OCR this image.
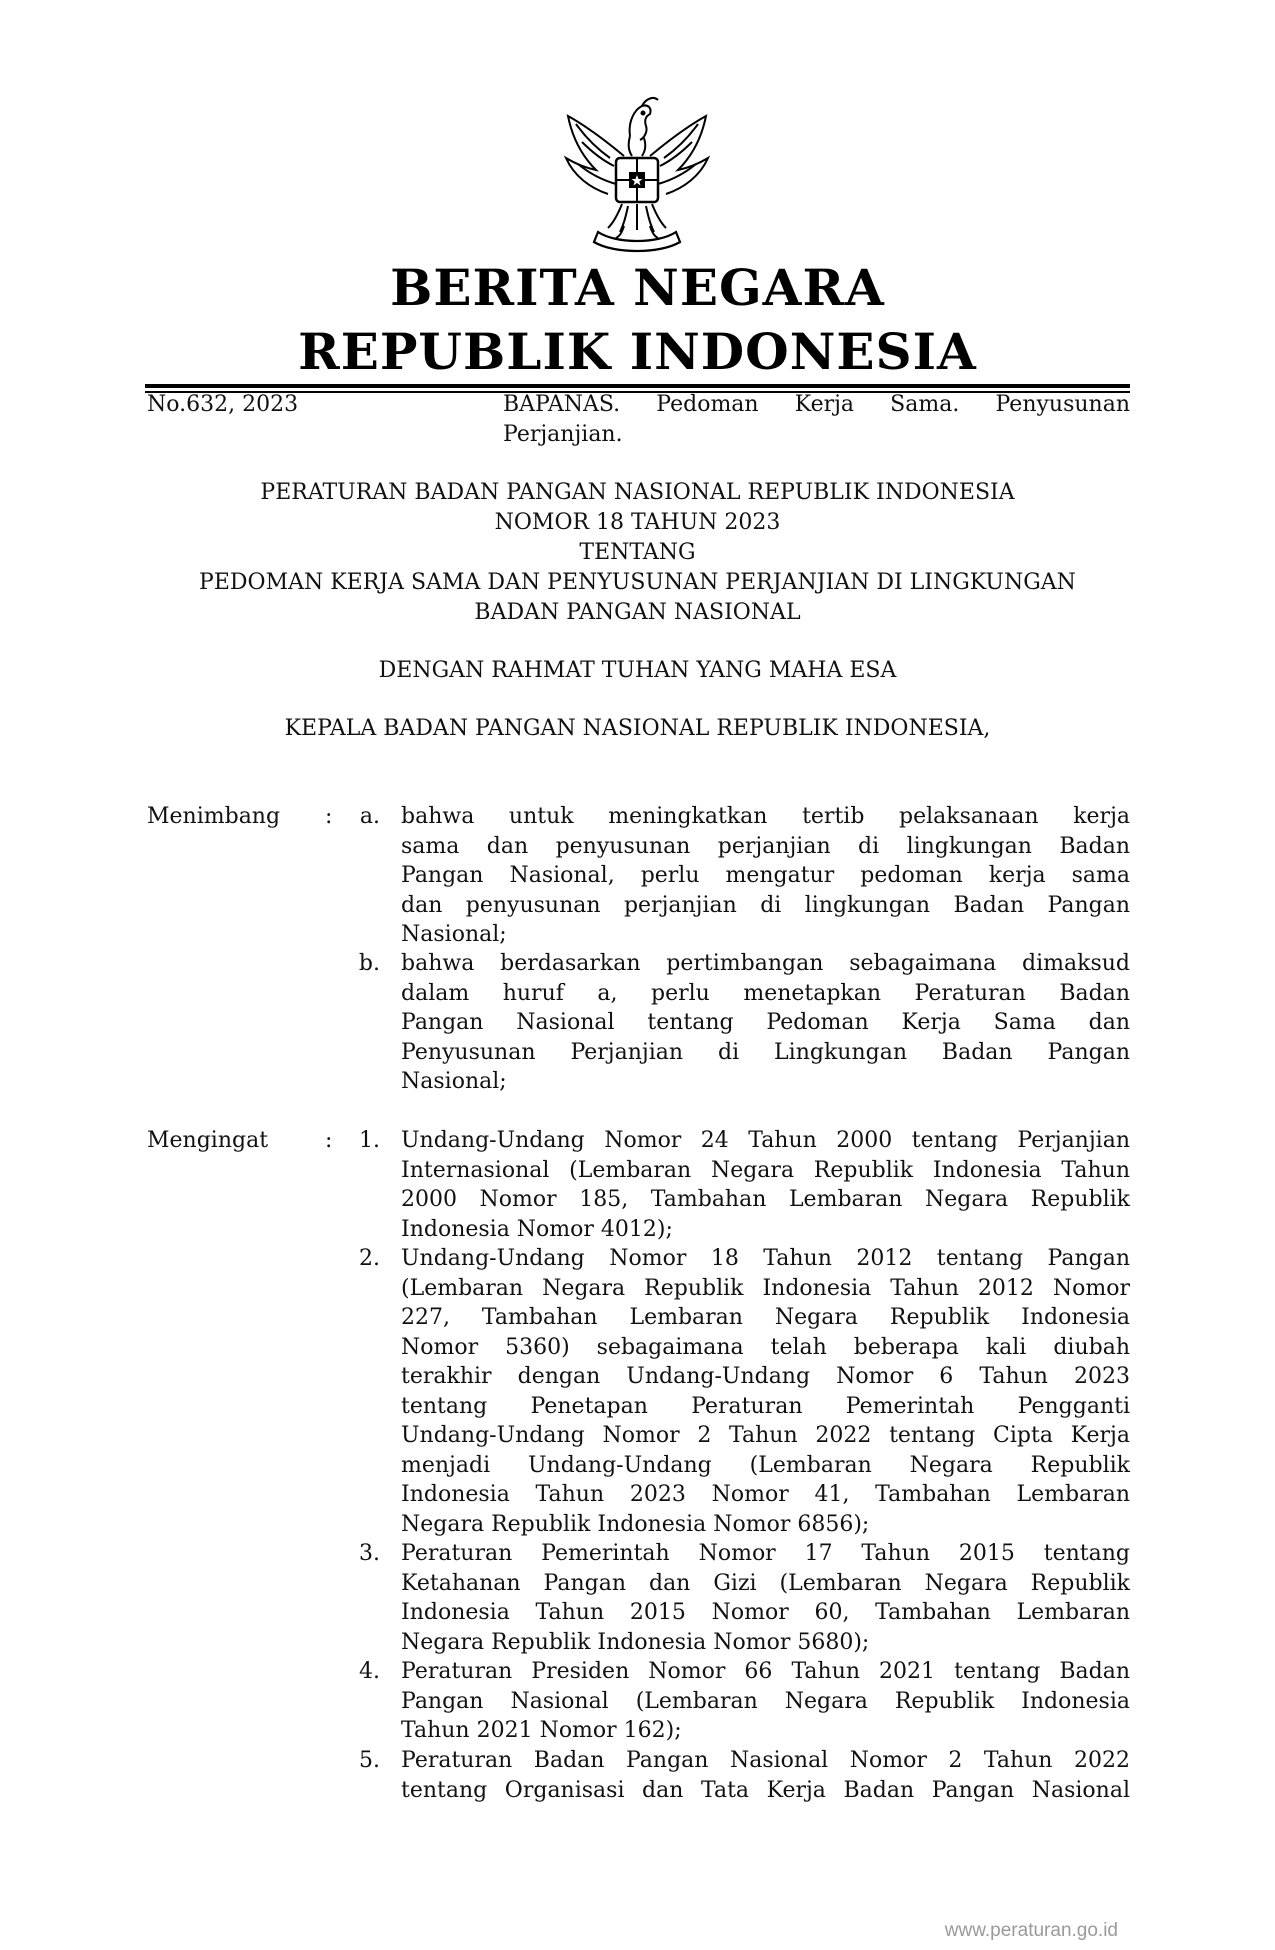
BERITA NEGARA
REPUBLIK INDONESIA
No.632, 2023	BAPANAS. Pedoman Kerja Sama. Penyusunan
Perjanjian.
PERATURAN BADAN PANGAN NASIONAL REPUBLIK INDONESIA
NOMOR 18 TAHUN 2023
TENTANG
PEDOMAN KERJA SAMA DAN PENYUSUNAN PERJANJIAN DI LINGKUNGAN
BADAN PANGAN NASIONAL
DENGAN RAHMAT TUHAN YANG MAHA ESA
KEPALA BADAN PANGAN NASIONAL REPUBLIK INDONESIA,
Menimbang :	a. bahwa untuk meningkatkan tertib pelaksanaan kerja
sama dan penyusunan perjanjian di lingkungan Badan
Pangan Nasional, perlu mengatur pedoman kerja sama
dan penyusunan perjanjian di lingkungan Badan Pangan
Nasional;
b. bahwa berdasarkan pertimbangan sebagaimana dimaksud
dalam huruf a, perlu menetapkan Peraturan Badan
Pangan Nasional tentang Pedoman Kerja Sama dan
Penyusunan Perjanjian di Lingkungan Badan Pangan
Nasional;
Mengingat	:	1. Undang-Undang Nomor 24 Tahun 2000 tentang Perjanjian
Internasional (Lembaran Negara Republik Indonesia Tahun
2000 Nomor 185, Tambahan Lembaran Negara Republik
Indonesia Nomor 4012);
2. Undang-Undang Nomor 18 Tahun 2012 tentang Pangan
(Lembaran Negara Republik Indonesia Tahun 2012 Nomor
227, Tambahan Lembaran Negara Republik Indonesia
Nomor 5360) sebagaimana telah beberapa kali diubah
terakhir dengan Undang-Undang Nomor 6 Tahun 2023
tentang Penetapan Peraturan Pemerintah Pengganti
Undang-Undang Nomor 2 Tahun 2022 tentang Cipta Kerja
menjadi Undang-Undang (Lembaran Negara Republik
Indonesia Tahun 2023 Nomor 41, Tambahan Lembaran
Negara Republik Indonesia Nomor 6856);
3. Peraturan Pemerintah Nomor 17 Tahun 2015 tentang
Ketahanan Pangan dan Gizi (Lembaran Negara Republik
Indonesia Tahun 2015 Nomor 60, Tambahan Lembaran
Negara Republik Indonesia Nomor 5680);
4. Peraturan Presiden Nomor 66 Tahun 2021 tentang Badan
Pangan Nasional (Lembaran Negara Republik Indonesia
Tahun 2021 Nomor 162);
5. Peraturan Badan Pangan Nasional Nomor 2 Tahun 2022
tentang Organisasi dan Tata Kerja Badan Pangan Nasional
www.peraturan.go.id
